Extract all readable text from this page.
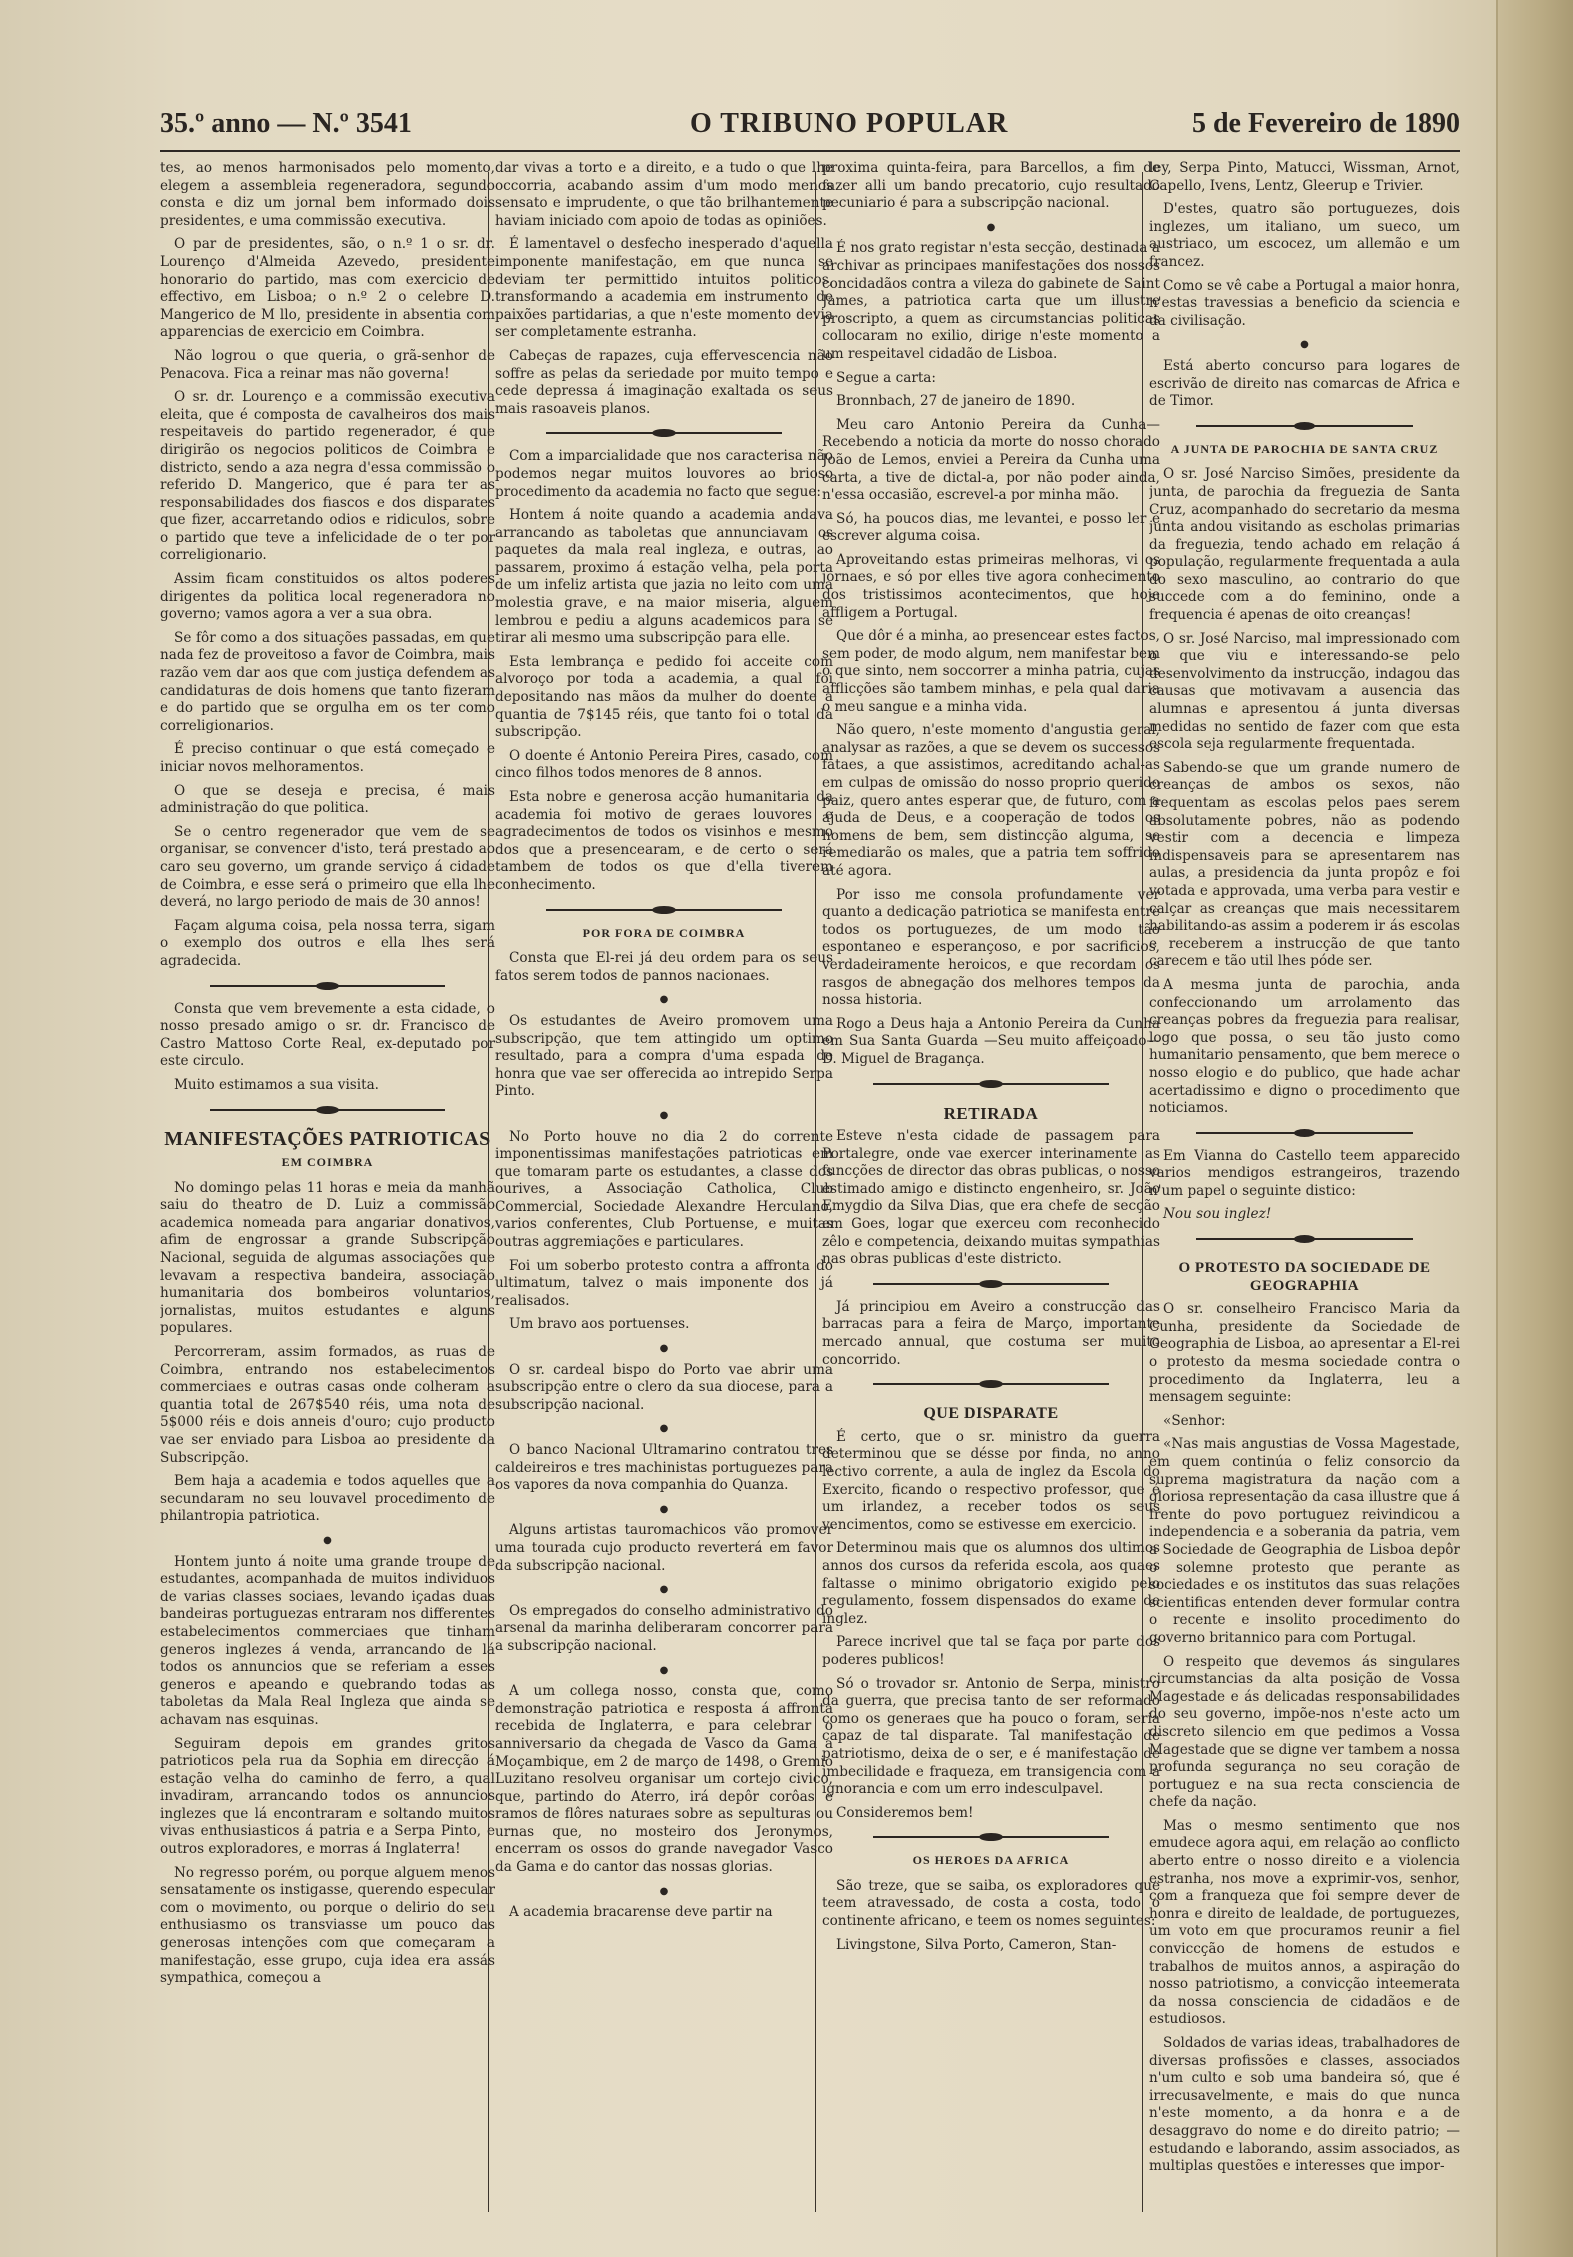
35.º anno — N.º 3541	O TRIBUNO POPULAR	5 de Fevereiro de 1890

tes, ao menos harmonisados pelo momento, elegem a assembleia regeneradora, segundo consta e diz um jornal bem informado dois presidentes, e uma commissão executiva.

O par de presidentes, são, o n.º 1 o sr. dr. Lourenço d'Almeida Azevedo, presidente honorario do partido, mas com exercicio de effectivo, em Lisboa; o n.º 2 o celebre D. Mangerico de M llo, presidente in absentia com apparencias de exercicio em Coimbra.

Não logrou o que queria, o grã-senhor de Penacova. Fica a reinar mas não governa!

O sr. dr. Lourenço e a commissão executiva eleita, que é composta de cavalheiros dos mais respeitaveis do partido regenerador, é que dirigirão os negocios politicos de Coimbra e districto, sendo a aza negra d'essa commissão o referido D. Mangerico, que é para ter as responsabilidades dos fiascos e dos disparates que fizer, accarretando odios e ridiculos, sobre o partido que teve a infelicidade de o ter por correligionario.

Assim ficam constituidos os altos poderes dirigentes da politica local regeneradora no governo; vamos agora a ver a sua obra.

Se fôr como a dos situações passadas, em que nada fez de proveitoso a favor de Coimbra, mais razão vem dar aos que com justiça defendem as candidaturas de dois homens que tanto fizeram e do partido que se orgulha em os ter como correligionarios.

É preciso continuar o que está começado e iniciar novos melhoramentos.

O que se deseja e precisa, é mais administração do que politica.

Se o centro regenerador que vem de se organisar, se convencer d'isto, terá prestado ao caro seu governo, um grande serviço á cidade de Coimbra, e esse será o primeiro que ella lhe deverá, no largo periodo de mais de 30 annos!

Façam alguma coisa, pela nossa terra, sigam o exemplo dos outros e ella lhes será agradecida.

Consta que vem brevemente a esta cidade, o nosso presado amigo o sr. dr. Francisco de Castro Mattoso Corte Real, ex-deputado por este circulo.

Muito estimamos a sua visita.

MANIFESTAÇÕES PATRIOTICAS
EM COIMBRA

No domingo pelas 11 horas e meia da manhã saiu do theatro de D. Luiz a commissão academica nomeada para angariar donativos, afim de engrossar a grande Subscripção Nacional, seguida de algumas associações que levavam a respectiva bandeira, associação humanitaria dos bombeiros voluntarios, jornalistas, muitos estudantes e alguns populares.

Percorreram, assim formados, as ruas de Coimbra, entrando nos estabelecimentos commerciaes e outras casas onde colheram a quantia total de 267$540 réis, uma nota de 5$000 réis e dois anneis d'ouro; cujo producto vae ser enviado para Lisboa ao presidente da Subscripção.

Bem haja a academia e todos aquelles que a secundaram no seu louvavel procedimento de philantropia patriotica.

●

Hontem junto á noite uma grande troupe de estudantes, acompanhada de muitos individuos de varias classes sociaes, levando içadas duas bandeiras portuguezas entraram nos differentes estabelecimentos commerciaes que tinham generos inglezes á venda, arrancando de lá todos os annuncios que se referiam a esses generos e apeando e quebrando todas as taboletas da Mala Real Ingleza que ainda se achavam nas esquinas.

Seguiram depois em grandes gritos patrioticos pela rua da Sophia em direcção á estação velha do caminho de ferro, a qual invadiram, arrancando todos os annuncios inglezes que lá encontraram e soltando muitos vivas enthusiasticos á patria e a Serpa Pinto, e outros exploradores, e morras á Inglaterra!

No regresso porém, ou porque alguem menos sensatamente os instigasse, querendo especular com o movimento, ou porque o delirio do seu enthusiasmo os transviasse um pouco das generosas intenções com que começaram a manifestação, esse grupo, cuja idea era assás sympathica, começou a

dar vivas a torto e a direito, e a tudo o que lhe occorria, acabando assim d'um modo menos sensato e imprudente, o que tão brilhantemente haviam iniciado com apoio de todas as opiniões.

É lamentavel o desfecho inesperado d'aquella imponente manifestação, em que nunca se deviam ter permittido intuitos politicos, transformando a academia em instrumento de paixões partidarias, a que n'este momento devia ser completamente estranha.

Cabeças de rapazes, cuja effervescencia não soffre as pelas da seriedade por muito tempo e cede depressa á imaginação exaltada os seus mais rasoaveis planos.

Com a imparcialidade que nos caracterisa não podemos negar muitos louvores ao brioso procedimento da academia no facto que segue:

Hontem á noite quando a academia andava arrancando as taboletas que annunciavam os paquetes da mala real ingleza, e outras, ao passarem, proximo á estação velha, pela porta de um infeliz artista que jazia no leito com uma molestia grave, e na maior miseria, alguem lembrou e pediu a alguns academicos para se tirar ali mesmo uma subscripção para elle.

Esta lembrança e pedido foi acceite com alvoroço por toda a academia, a qual foi depositando nas mãos da mulher do doente a quantia de 7$145 réis, que tanto foi o total da subscripção.

O doente é Antonio Pereira Pires, casado, com cinco filhos todos menores de 8 annos.

Esta nobre e generosa acção humanitaria da academia foi motivo de geraes louvores e agradecimentos de todos os visinhos e mesmo dos que a presencearam, e de certo o será tambem de todos os que d'ella tiverem conhecimento.

POR FORA DE COIMBRA

Consta que El-rei já deu ordem para os seus fatos serem todos de pannos nacionaes.

●

Os estudantes de Aveiro promovem uma subscripção, que tem attingido um optimo resultado, para a compra d'uma espada de honra que vae ser offerecida ao intrepido Serpa Pinto.

●

No Porto houve no dia 2 do corrente imponentissimas manifestações patrioticas em que tomaram parte os estudantes, a classe dos ourives, a Associação Catholica, Club Commercial, Sociedade Alexandre Herculano, varios conferentes, Club Portuense, e muitas outras aggremiações e particulares.

Foi um soberbo protesto contra a affronta do ultimatum, talvez o mais imponente dos já realisados.

Um bravo aos portuenses.

●

O sr. cardeal bispo do Porto vae abrir uma subscripção entre o clero da sua diocese, para a subscripção nacional.

●

O banco Nacional Ultramarino contratou tres caldeireiros e tres machinistas portuguezes para os vapores da nova companhia do Quanza.

●

Alguns artistas tauromachicos vão promover uma tourada cujo producto reverterá em favor da subscripção nacional.

●

Os empregados do conselho administrativo do arsenal da marinha deliberaram concorrer para a subscripção nacional.

●

A um collega nosso, consta que, como demonstração patriotica e resposta á affronta recebida de Inglaterra, e para celebrar o anniversario da chegada de Vasco da Gama a Moçambique, em 2 de março de 1498, o Gremio Luzitano resolveu organisar um cortejo civico, que, partindo do Aterro, irá depôr corôas e ramos de flôres naturaes sobre as sepulturas ou urnas que, no mosteiro dos Jeronymos, encerram os ossos do grande navegador Vasco da Gama e do cantor das nossas glorias.

●

A academia bracarense deve partir na

proxima quinta-feira, para Barcellos, a fim de fazer alli um bando precatorio, cujo resultado pecuniario é para a subscripção nacional.

●

É nos grato registar n'esta secção, destinada a archivar as principaes manifestações dos nossos concidadãos contra a vileza do gabinete de Saint James, a patriotica carta que um illustre proscripto, a quem as circumstancias politicas collocaram no exilio, dirige n'este momento a um respeitavel cidadão de Lisboa.

Segue a carta:

Bronnbach, 27 de janeiro de 1890.

Meu caro Antonio Pereira da Cunha—Recebendo a noticia da morte do nosso chorado João de Lemos, enviei a Pereira da Cunha uma carta, a tive de dictal-a, por não poder ainda, n'essa occasião, escrevel-a por minha mão.

Só, ha poucos dias, me levantei, e posso ler e escrever alguma coisa.

Aproveitando estas primeiras melhoras, vi os jornaes, e só por elles tive agora conhecimento dos tristissimos acontecimentos, que hoje affligem a Portugal.

Que dôr é a minha, ao presencear estes factos, sem poder, de modo algum, nem manifestar bem o que sinto, nem soccorrer a minha patria, cujas afflicções são tambem minhas, e pela qual daria o meu sangue e a minha vida.

Não quero, n'este momento d'angustia geral, analysar as razões, a que se devem os successos fataes, a que assistimos, acreditando achal-as em culpas de omissão do nosso proprio querido paiz, quero antes esperar que, de futuro, com a ajuda de Deus, e a cooperação de todos os homens de bem, sem distincção alguma, se remediarão os males, que a patria tem soffrido até agora.

Por isso me consola profundamente ver quanto a dedicação patriotica se manifesta entre todos os portuguezes, de um modo tão espontaneo e esperançoso, e por sacrificios, verdadeiramente heroicos, e que recordam os rasgos de abnegação dos melhores tempos da nossa historia.

Rogo a Deus haja a Antonio Pereira da Cunha em Sua Santa Guarda —Seu muito affeiçoado—D. Miguel de Bragança.

RETIRADA

Esteve n'esta cidade de passagem para Portalegre, onde vae exercer interinamente as funcções de director das obras publicas, o nosso estimado amigo e distincto engenheiro, sr. João Emygdio da Silva Dias, que era chefe de secção em Goes, logar que exerceu com reconhecido zêlo e competencia, deixando muitas sympathias nas obras publicas d'este districto.

Já principiou em Aveiro a construcção das barracas para a feira de Março, importante mercado annual, que costuma ser muito concorrido.

QUE DISPARATE

É certo, que o sr. ministro da guerra determinou que se désse por finda, no anno lectivo corrente, a aula de inglez da Escola do Exercito, ficando o respectivo professor, que é um irlandez, a receber todos os seus vencimentos, como se estivesse em exercicio.

Determinou mais que os alumnos dos ultimos annos dos cursos da referida escola, aos quaes faltasse o minimo obrigatorio exigido pelo regulamento, fossem dispensados do exame de inglez.

Parece incrivel que tal se faça por parte dos poderes publicos!

Só o trovador sr. Antonio de Serpa, ministro da guerra, que precisa tanto de ser reformado como os generaes que ha pouco o foram, seria capaz de tal disparate. Tal manifestação de patriotismo, deixa de o ser, e é manifestação de imbecilidade e fraqueza, em transigencia com a ignorancia e com um erro indesculpavel.

Consideremos bem!

OS HEROES DA AFRICA

São treze, que se saiba, os exploradores que teem atravessado, de costa a costa, todo o continente africano, e teem os nomes seguintes:

Livingstone, Silva Porto, Cameron, Stan-

ley, Serpa Pinto, Matucci, Wissman, Arnot, Capello, Ivens, Lentz, Gleerup e Trivier.

D'estes, quatro são portuguezes, dois inglezes, um italiano, um sueco, um austriaco, um escocez, um allemão e um francez.

Como se vê cabe a Portugal a maior honra, n'estas travessias a beneficio da sciencia e da civilisação.

●

Está aberto concurso para logares de escrivão de direito nas comarcas de Africa e de Timor.

A JUNTA DE PAROCHIA DE SANTA CRUZ

O sr. José Narciso Simões, presidente da junta, de parochia da freguezia de Santa Cruz, acompanhado do secretario da mesma junta andou visitando as escholas primarias da freguezia, tendo achado em relação á população, regularmente frequentada a aula do sexo masculino, ao contrario do que succede com a do feminino, onde a frequencia é apenas de oito creanças!

O sr. José Narciso, mal impressionado com o que viu e interessando-se pelo desenvolvimento da instrucção, indagou das causas que motivavam a ausencia das alumnas e apresentou á junta diversas medidas no sentido de fazer com que esta escola seja regularmente frequentada.

Sabendo-se que um grande numero de creanças de ambos os sexos, não frequentam as escolas pelos paes serem absolutamente pobres, não as podendo vestir com a decencia e limpeza indispensaveis para se apresentarem nas aulas, a presidencia da junta propôz e foi votada e approvada, uma verba para vestir e calçar as creanças que mais necessitarem habilitando-as assim a poderem ir ás escolas e receberem a instrucção de que tanto carecem e tão util lhes póde ser.

A mesma junta de parochia, anda confeccionando um arrolamento das creanças pobres da freguezia para realisar, logo que possa, o seu tão justo como humanitario pensamento, que bem merece o nosso elogio e do publico, que hade achar acertadissimo e digno o procedimento que noticiamos.

Em Vianna do Castello teem apparecido varios mendigos estrangeiros, trazendo n'um papel o seguinte distico:

Nou sou inglez!

O PROTESTO DA SOCIEDADE DE GEOGRAPHIA

O sr. conselheiro Francisco Maria da Cunha, presidente da Sociedade de Geographia de Lisboa, ao apresentar a El-rei o protesto da mesma sociedade contra o procedimento da Inglaterra, leu a mensagem seguinte:

«Senhor:

«Nas mais angustias de Vossa Magestade, em quem continúa o feliz consorcio da suprema magistratura da nação com a gloriosa representação da casa illustre que á frente do povo portuguez reivindicou a independencia e a soberania da patria, vem a Sociedade de Geographia de Lisboa depôr o solemne protesto que perante as sociedades e os institutos das suas relações scientificas entenden dever formular contra o recente e insolito procedimento do governo britannico para com Portugal.

O respeito que devemos ás singulares circumstancias da alta posição de Vossa Magestade e ás delicadas responsabilidades do seu governo, impõe-nos n'este acto um discreto silencio em que pedimos a Vossa Magestade que se digne ver tambem a nossa profunda segurança no seu coração de portuguez e na sua recta consciencia de chefe da nação.

Mas o mesmo sentimento que nos emudece agora aqui, em relação ao conflicto aberto entre o nosso direito e a violencia estranha, nos move a exprimir-vos, senhor, com a franqueza que foi sempre dever de honra e direito de lealdade, de portuguezes, um voto em que procuramos reunir a fiel conviccção de homens de estudos e trabalhos de muitos annos, a aspiração do nosso patriotismo, a convicção inteemerata da nossa consciencia de cidadãos e de estudiosos.

Soldados de varias ideas, trabalhadores de diversas profissões e classes, associados n'um culto e sob uma bandeira só, que é irrecusavelmente, e mais do que nunca n'este momento, a da honra e a de desaggravo do nome e do direito patrio; —estudando e laborando, assim associados, as multiplas questões e interesses que impor-
